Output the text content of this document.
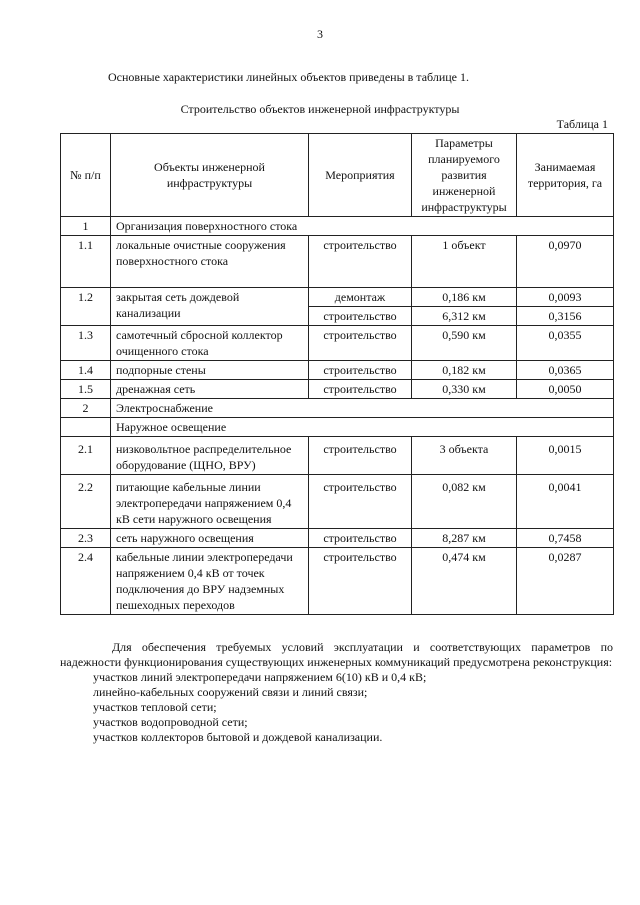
3
Основные характеристики линейных объектов приведены в таблице 1.
Строительство объектов инженерной инфраструктуры
Таблица 1
№ п/п	Объекты инженерной инфраструктуры	Мероприятия	Параметры планируемого развития инженерной инфраструктуры	Занимаемая территория, га
1	Организация поверхностного стока			
1.1	локальные очистные сооружения поверхностного стока	строительство	1 объект	0,0970
1.2	закрытая сеть дождевой канализации	демонтаж	0,186 км	0,0093
		строительство	6,312 км	0,3156
1.3	самотечный сбросной коллектор очищенного стока	строительство	0,590 км	0,0355
1.4	подпорные стены	строительство	0,182 км	0,0365
1.5	дренажная сеть	строительство	0,330 км	0,0050
2	Электроснабжение			
	Наружное освещение			
2.1	низковольтное распределительное оборудование (ЩНО, ВРУ)	строительство	3 объекта	0,0015
2.2	питающие кабельные линии электропередачи напряжением 0,4 кВ сети наружного освещения	строительство	0,082 км	0,0041
2.3	сеть наружного освещения	строительство	8,287 км	0,7458
2.4	кабельные линии электропередачи напряжением 0,4 кВ от точек подключения до ВРУ надземных пешеходных переходов	строительство	0,474 км	0,0287

Для обеспечения требуемых условий эксплуатации и соответствующих параметров по надежности функционирования существующих инженерных коммуникаций предусмотрена реконструкция:

участков линий электропередачи напряжением 6(10) кВ и 0,4 кВ;

линейно-кабельных сооружений связи и линий связи;

участков тепловой сети;

участков водопроводной сети;

участков коллекторов бытовой и дождевой канализации.
